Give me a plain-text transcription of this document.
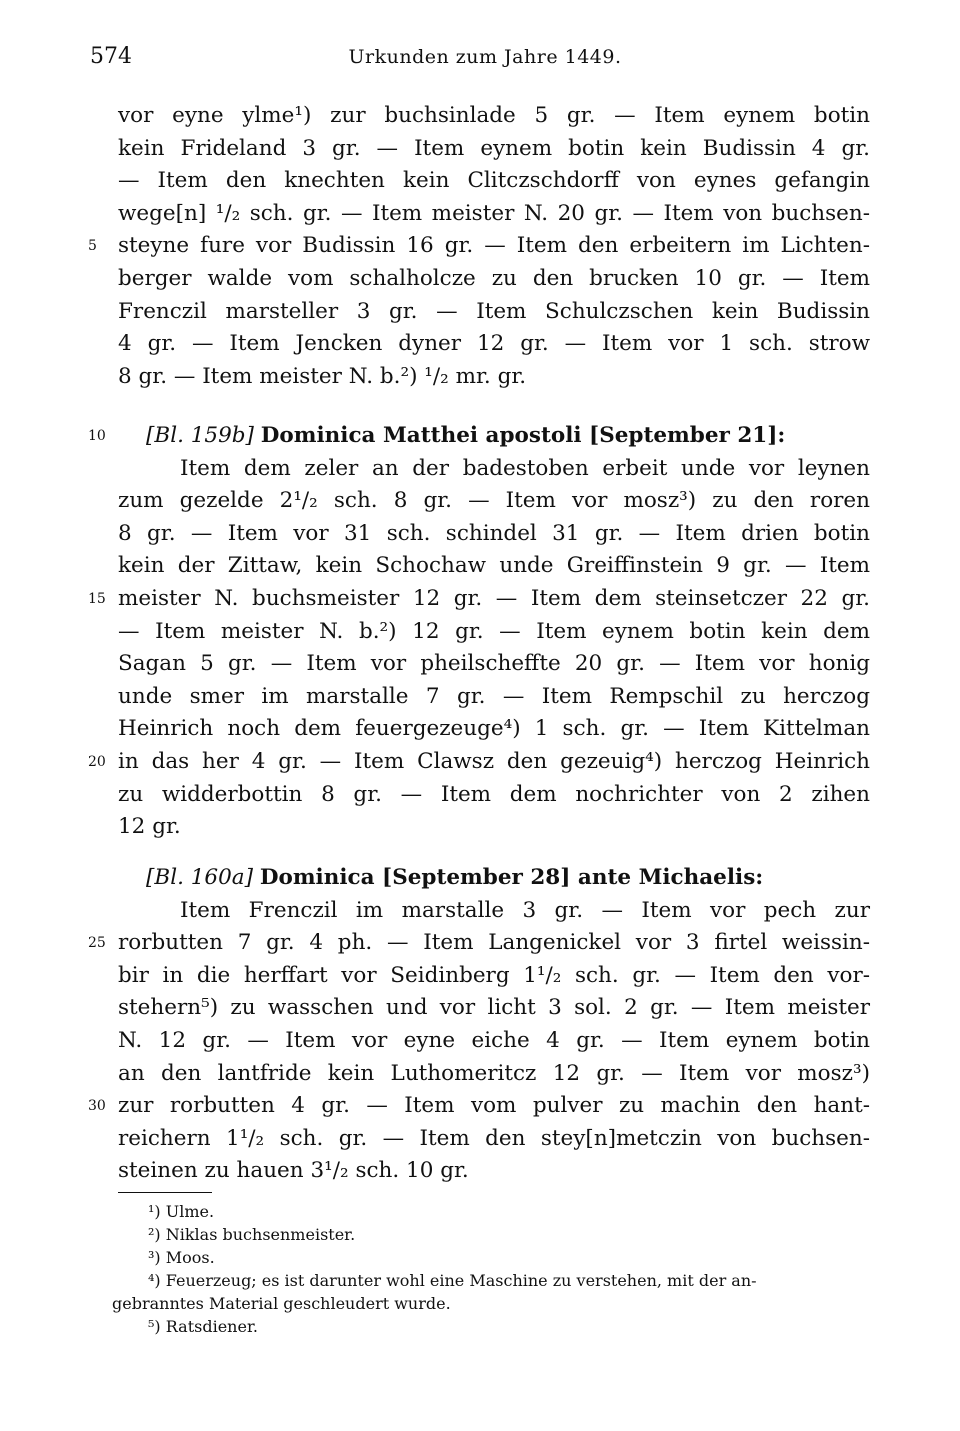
574	Urkunden zum Jahre 1449.
vor eyne ylme¹) zur buchsinlade 5 gr. — Item eynem botin
kein Frideland 3 gr. — Item eynem botin kein Budissin 4 gr.
— Item den knechten kein Clitczschdorff von eynes gefangin
wege[n] ¹/₂ sch. gr. — Item meister N. 20 gr. — Item von buchsen-
5 steyne fure vor Budissin 16 gr. — Item den erbeitern im Lichten-
berger walde vom schalholcze zu den brucken 10 gr. — Item
Frenczil marsteller 3 gr. — Item Schulczschen kein Budissin
4 gr. — Item Jencken dyner 12 gr. — Item vor 1 sch. strow
8 gr. — Item meister N. b.²) ¹/₂ mr. gr.
10	[Bl. 159b] Dominica Matthei apostoli [September 21]:
Item dem zeler an der badestoben erbeit unde vor leynen
zum gezelde 2¹/₂ sch. 8 gr. — Item vor mosz³) zu den roren
8 gr. — Item vor 31 sch. schindel 31 gr. — Item drien botin
kein der Zittaw, kein Schochaw unde Greiffinstein 9 gr. — Item
15 meister N. buchsmeister 12 gr. — Item dem steinsetczer 22 gr.
— Item meister N. b.²) 12 gr. — Item eynem botin kein dem
Sagan 5 gr. — Item vor pheilscheffte 20 gr. — Item vor honig
unde smer im marstalle 7 gr. — Item Rempschil zu herczog
Heinrich noch dem feuergezeuge⁴) 1 sch. gr. — Item Kittelman
20 in das her 4 gr. — Item Clawsz den gezeuig⁴) herczog Heinrich
zu widderbottin 8 gr. — Item dem nochrichter von 2 zihen
12 gr.
[Bl. 160a] Dominica [September 28] ante Michaelis:
Item Frenczil im marstalle 3 gr. — Item vor pech zur
25 rorbutten 7 gr. 4 ph. — Item Langenickel vor 3 firtel weissin-
bir in die herffart vor Seidinberg 1¹/₂ sch. gr. — Item den vor-
stehern⁵) zu wasschen und vor licht 3 sol. 2 gr. — Item meister
N. 12 gr. — Item vor eyne eiche 4 gr. — Item eynem botin
an den lantfride kein Luthomeritcz 12 gr. — Item vor mosz³)
30 zur rorbutten 4 gr. — Item vom pulver zu machin den hant-
reichern 1¹/₂ sch. gr. — Item den stey[n]metczin von buchsen-
steinen zu hauen 3¹/₂ sch. 10 gr.
¹) Ulme.
²) Niklas buchsenmeister.
³) Moos.
⁴) Feuerzeug; es ist darunter wohl eine Maschine zu verstehen, mit der an-
gebranntes Material geschleudert wurde.
⁵) Ratsdiener.
